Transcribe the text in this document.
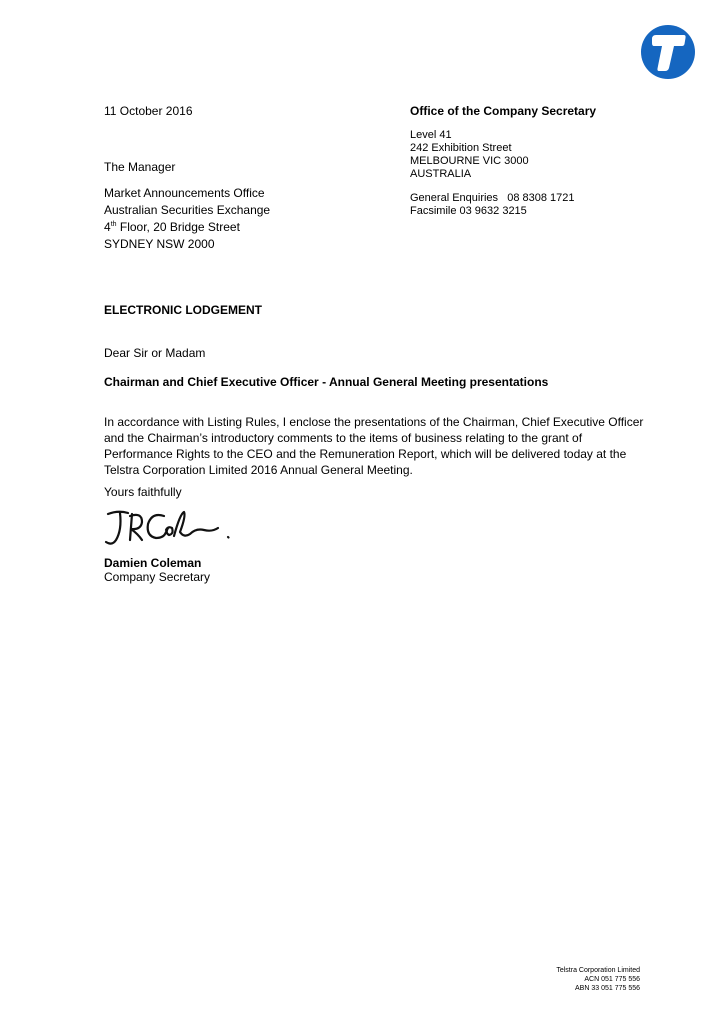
11 October 2016	Office of the Company Secretary
Level 41
242 Exhibition Street
MELBOURNE VIC 3000
AUSTRALIA
General Enquiries   08 8308 1721
Facsimile 03 9632 3215
The Manager
Market Announcements Office
Australian Securities Exchange
4th Floor, 20 Bridge Street
SYDNEY NSW 2000
ELECTRONIC LODGEMENT
Dear Sir or Madam
Chairman and Chief Executive Officer - Annual General Meeting presentations
In accordance with Listing Rules, I enclose the presentations of the Chairman, Chief Executive Officer
and the Chairman’s introductory comments to the items of business relating to the grant of
Performance Rights to the CEO and the Remuneration Report, which will be delivered today at the
Telstra Corporation Limited 2016 Annual General Meeting.
Yours faithfully
Damien Coleman
Company Secretary
Telstra Corporation Limited
ACN 051 775 556
ABN 33 051 775 556
